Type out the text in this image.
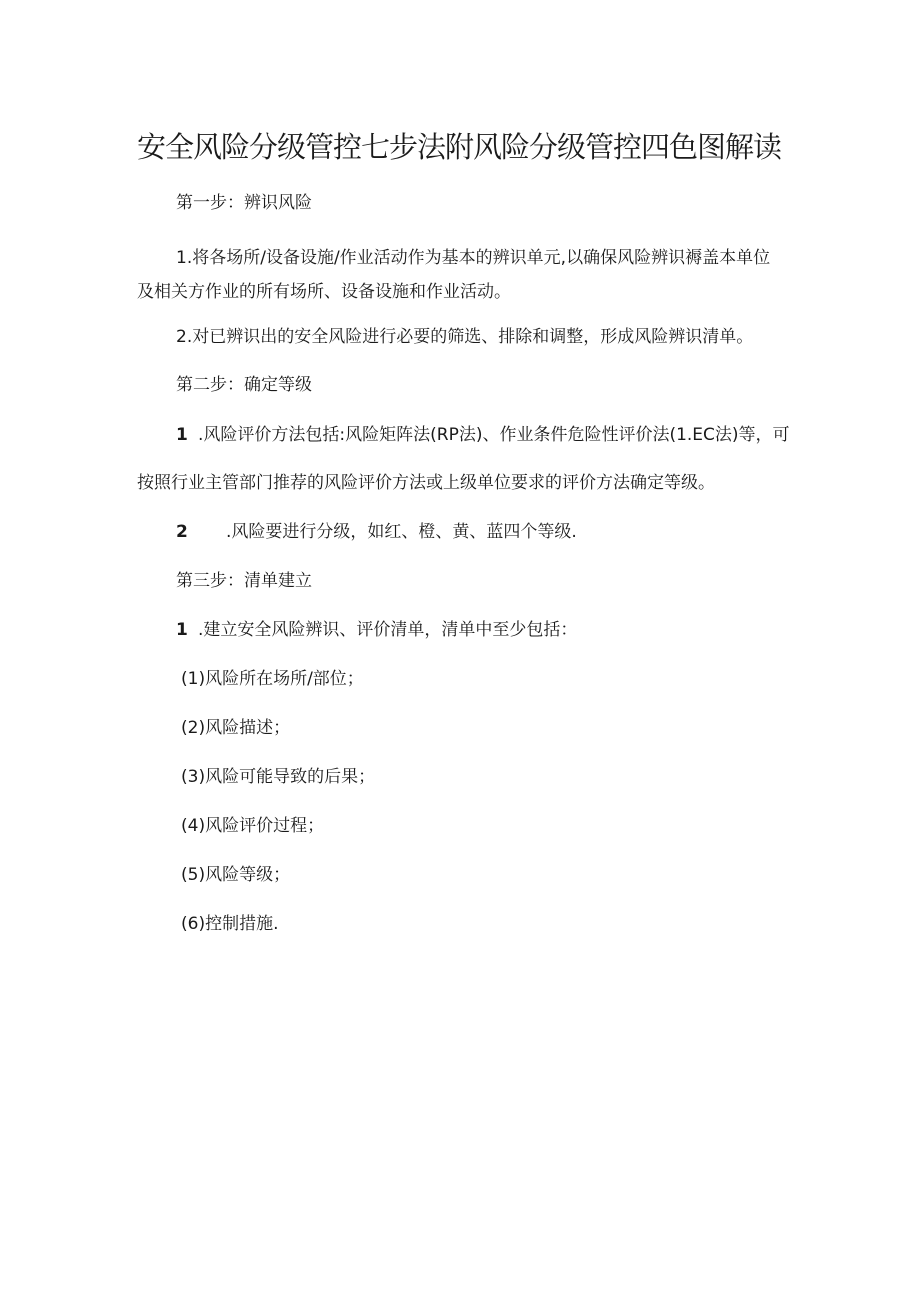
安全风险分级管控七步法附风险分级管控四色图解读

第一步：辨识风险

1.将各场所/设备设施/作业活动作为基本的辨识单元,以确保风险辨识褥盖本单位

及相关方作业的所有场所、设备设施和作业活动。

2.对已辨识出的安全风险进行必要的筛选、排除和调整，形成风险辨识清单。

第二步：确定等级

1 .风险评价方法包括:风险矩阵法(RP法)、作业条件危险性评价法(1.EC法)等，可

按照行业主管部门推荐的风险评价方法或上级单位要求的评价方法确定等级。

2 .风险要进行分级，如红、橙、黄、蓝四个等级.

第三步：清单建立

1 .建立安全风险辨识、评价清单，清单中至少包括：

(1)风险所在场所/部位；

(2)风险描述；

(3)风险可能导致的后果；

(4)风险评价过程；

(5)风险等级；

(6)控制措施.
